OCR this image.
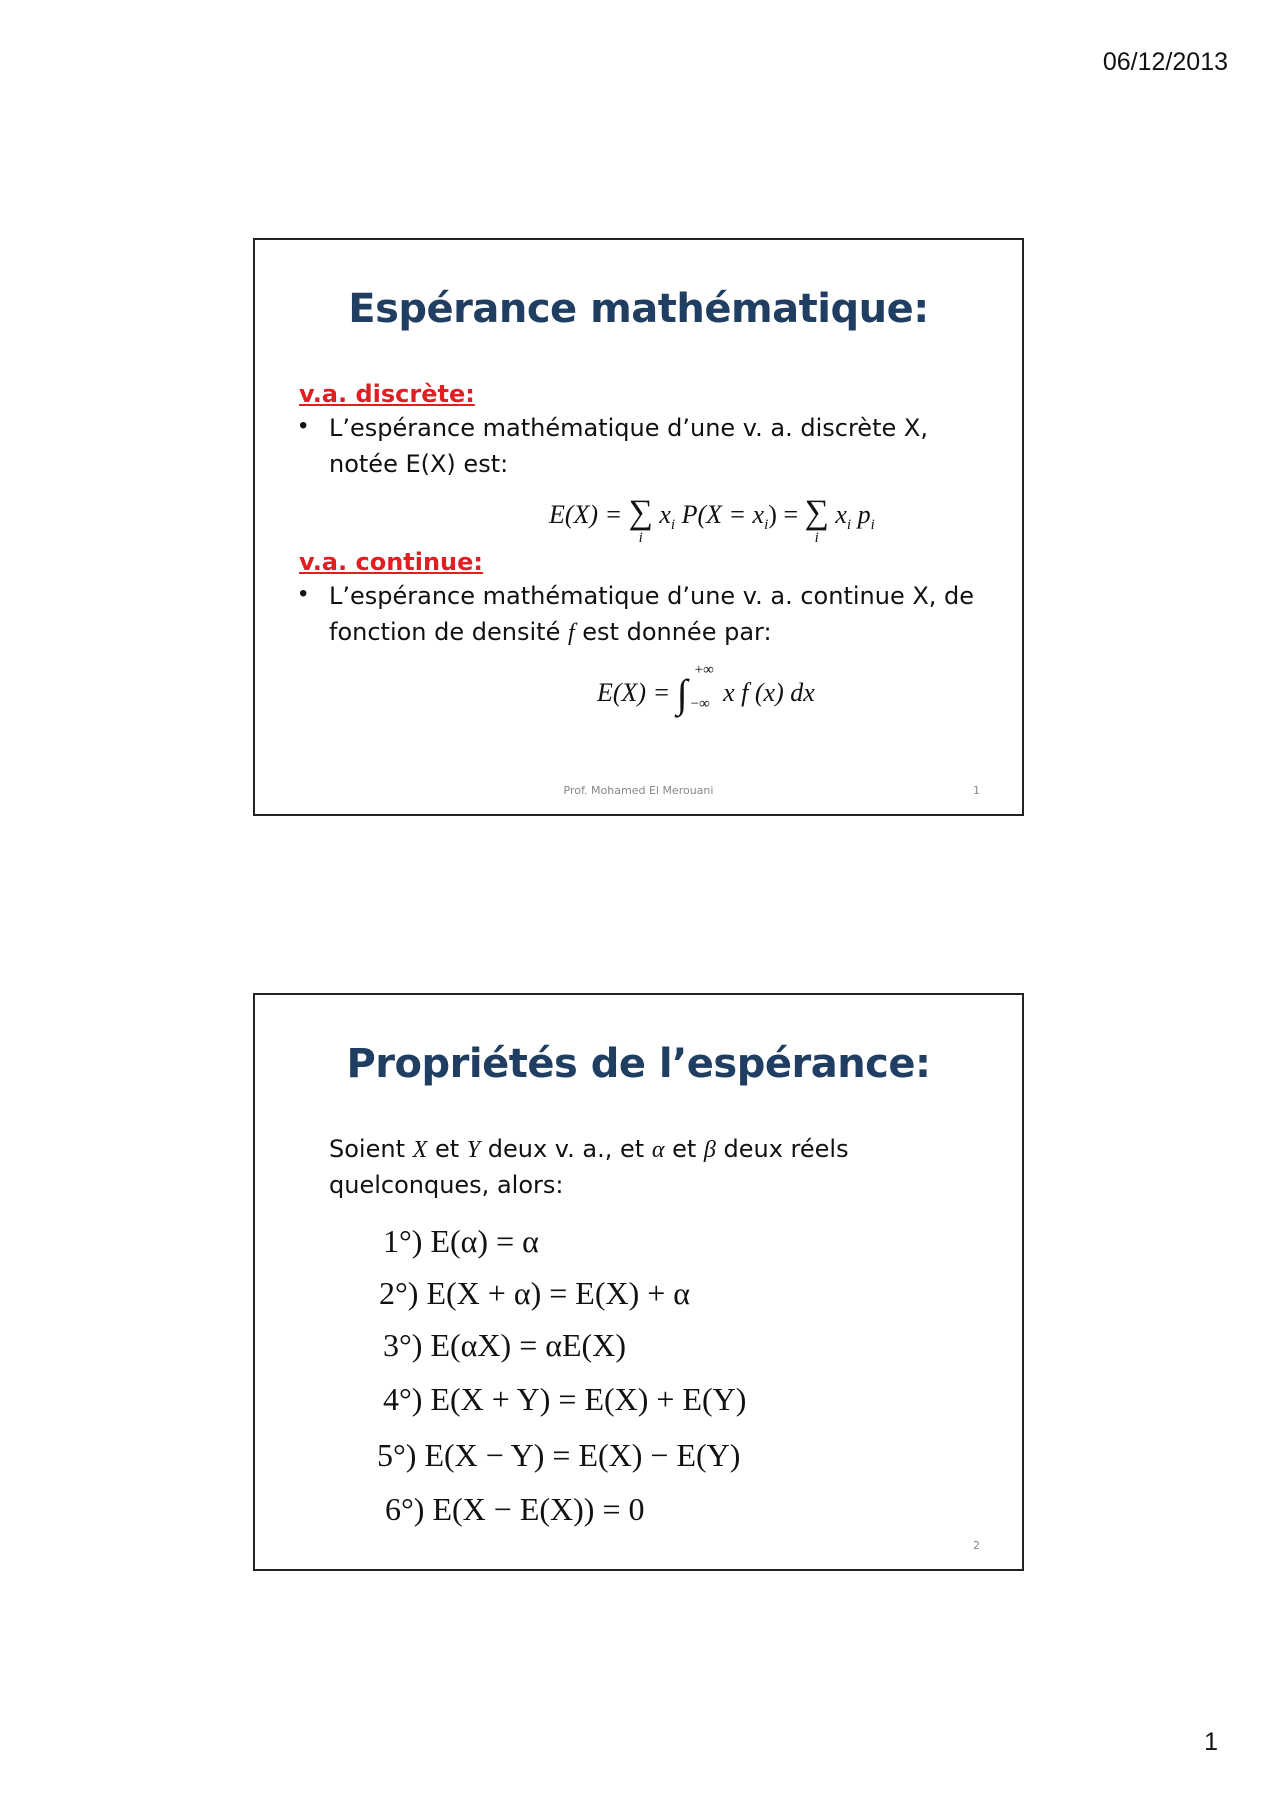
06/12/2013
Espérance mathématique:
v.a. discrète:
• L’espérance mathématique d’une v. a. discrète X,
notée E(X) est:
E(X) = ∑
i
$x_i$ $P(X = x_i)$ = ∑
i
$x_i$ $p_i$
v.a. continue:
• L’espérance mathématique d’une v. a. continue X, de
fonction de densité f est donnée par:
E(X) = ∫
+∞
−∞ x f (x) dx
Prof. Mohamed El Merouani	1
Propriétés de l’espérance:
Soient X et Y deux v. a., et α et β deux réels
quelconques, alors:
1°) E(α) = α
2°) E(X + α) = E(X) + α
3°) E(αX) = αE(X)
4°) E(X + Y) = E(X) + E(Y)
5°) E(X − Y) = E(X) − E(Y)
6°) E(X − E(X)) = 0
2
1
